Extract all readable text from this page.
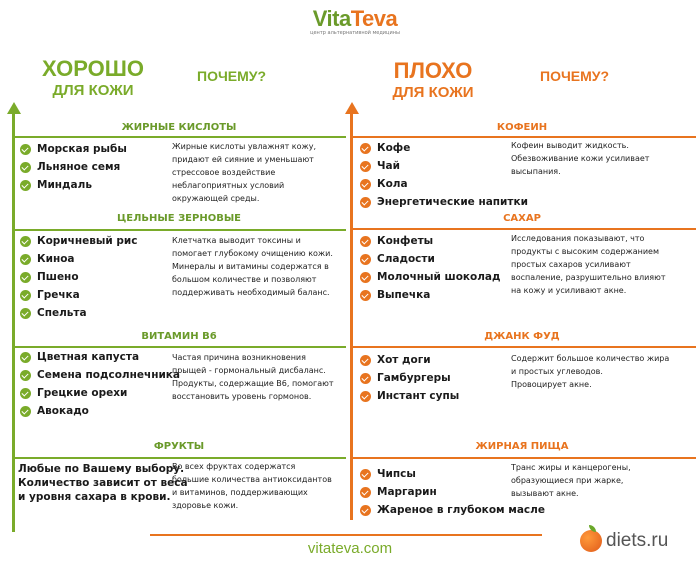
VitaTeva
центр альтернативной медицины
ХОРОШО
ДЛЯ КОЖИ
ПОЧЕМУ?	ПЛОХО
ДЛЯ КОЖИ
ПОЧЕМУ?
ЖИРНЫЕ КИСЛОТЫ
Морская рыбы
Льняное семя
Миндаль
Жирные кислоты увлажнят кожу,
придают ей сияние и уменьшают
стрессовое воздействие
неблагоприятных условий
окружающей среды.
ЦЕЛЬНЫЕ ЗЕРНОВЫЕ
Коричневый рис
Киноа
Пшено
Гречка
Спельта
Клетчатка выводит токсины и
помогает глубокому очищению кожи.
Минералы и витамины содержатся в
большом количестве и позволяют
поддерживать необходимый баланс.
ВИТАМИН B6
Цветная капуста
Семена подсолнечника
Грецкие орехи
Авокадо
Частая причина возникновения
прыщей - гормональный дисбаланс.
Продукты, содержащие B6, помогают
восстановить уровень гормонов.
ФРУКТЫ
Любые по Вашему выбору.
Количество зависит от веса
и уровня сахара в крови.
Во всех фруктах содержатся
большие количества антиоксидантов
и витаминов, поддерживающих
здоровье кожи.
КОФЕИН
Кофе
Чай
Кола
Энергетические напитки
Кофеин выводит жидкость.
Обезвоживание кожи усиливает
высыпания.
САХАР
Конфеты
Сладости
Молочный шоколад
Выпечка
Исследования показывают, что
продукты с высоким содержанием
простых сахаров усиливают
воспаление, разрушительно влияют
на кожу и усиливают акне.
ДЖАНК ФУД
Хот доги
Гамбургеры
Инстант супы
Содержит большое количество жира
и простых углеводов.
Провоцирует акне.
ЖИРНАЯ ПИЩА
Чипсы
Маргарин
Жареное в глубоком масле
Транс жиры и канцерогены,
образующиеся при жарке,
вызывают акне.
vitateva.com	diets.ru
